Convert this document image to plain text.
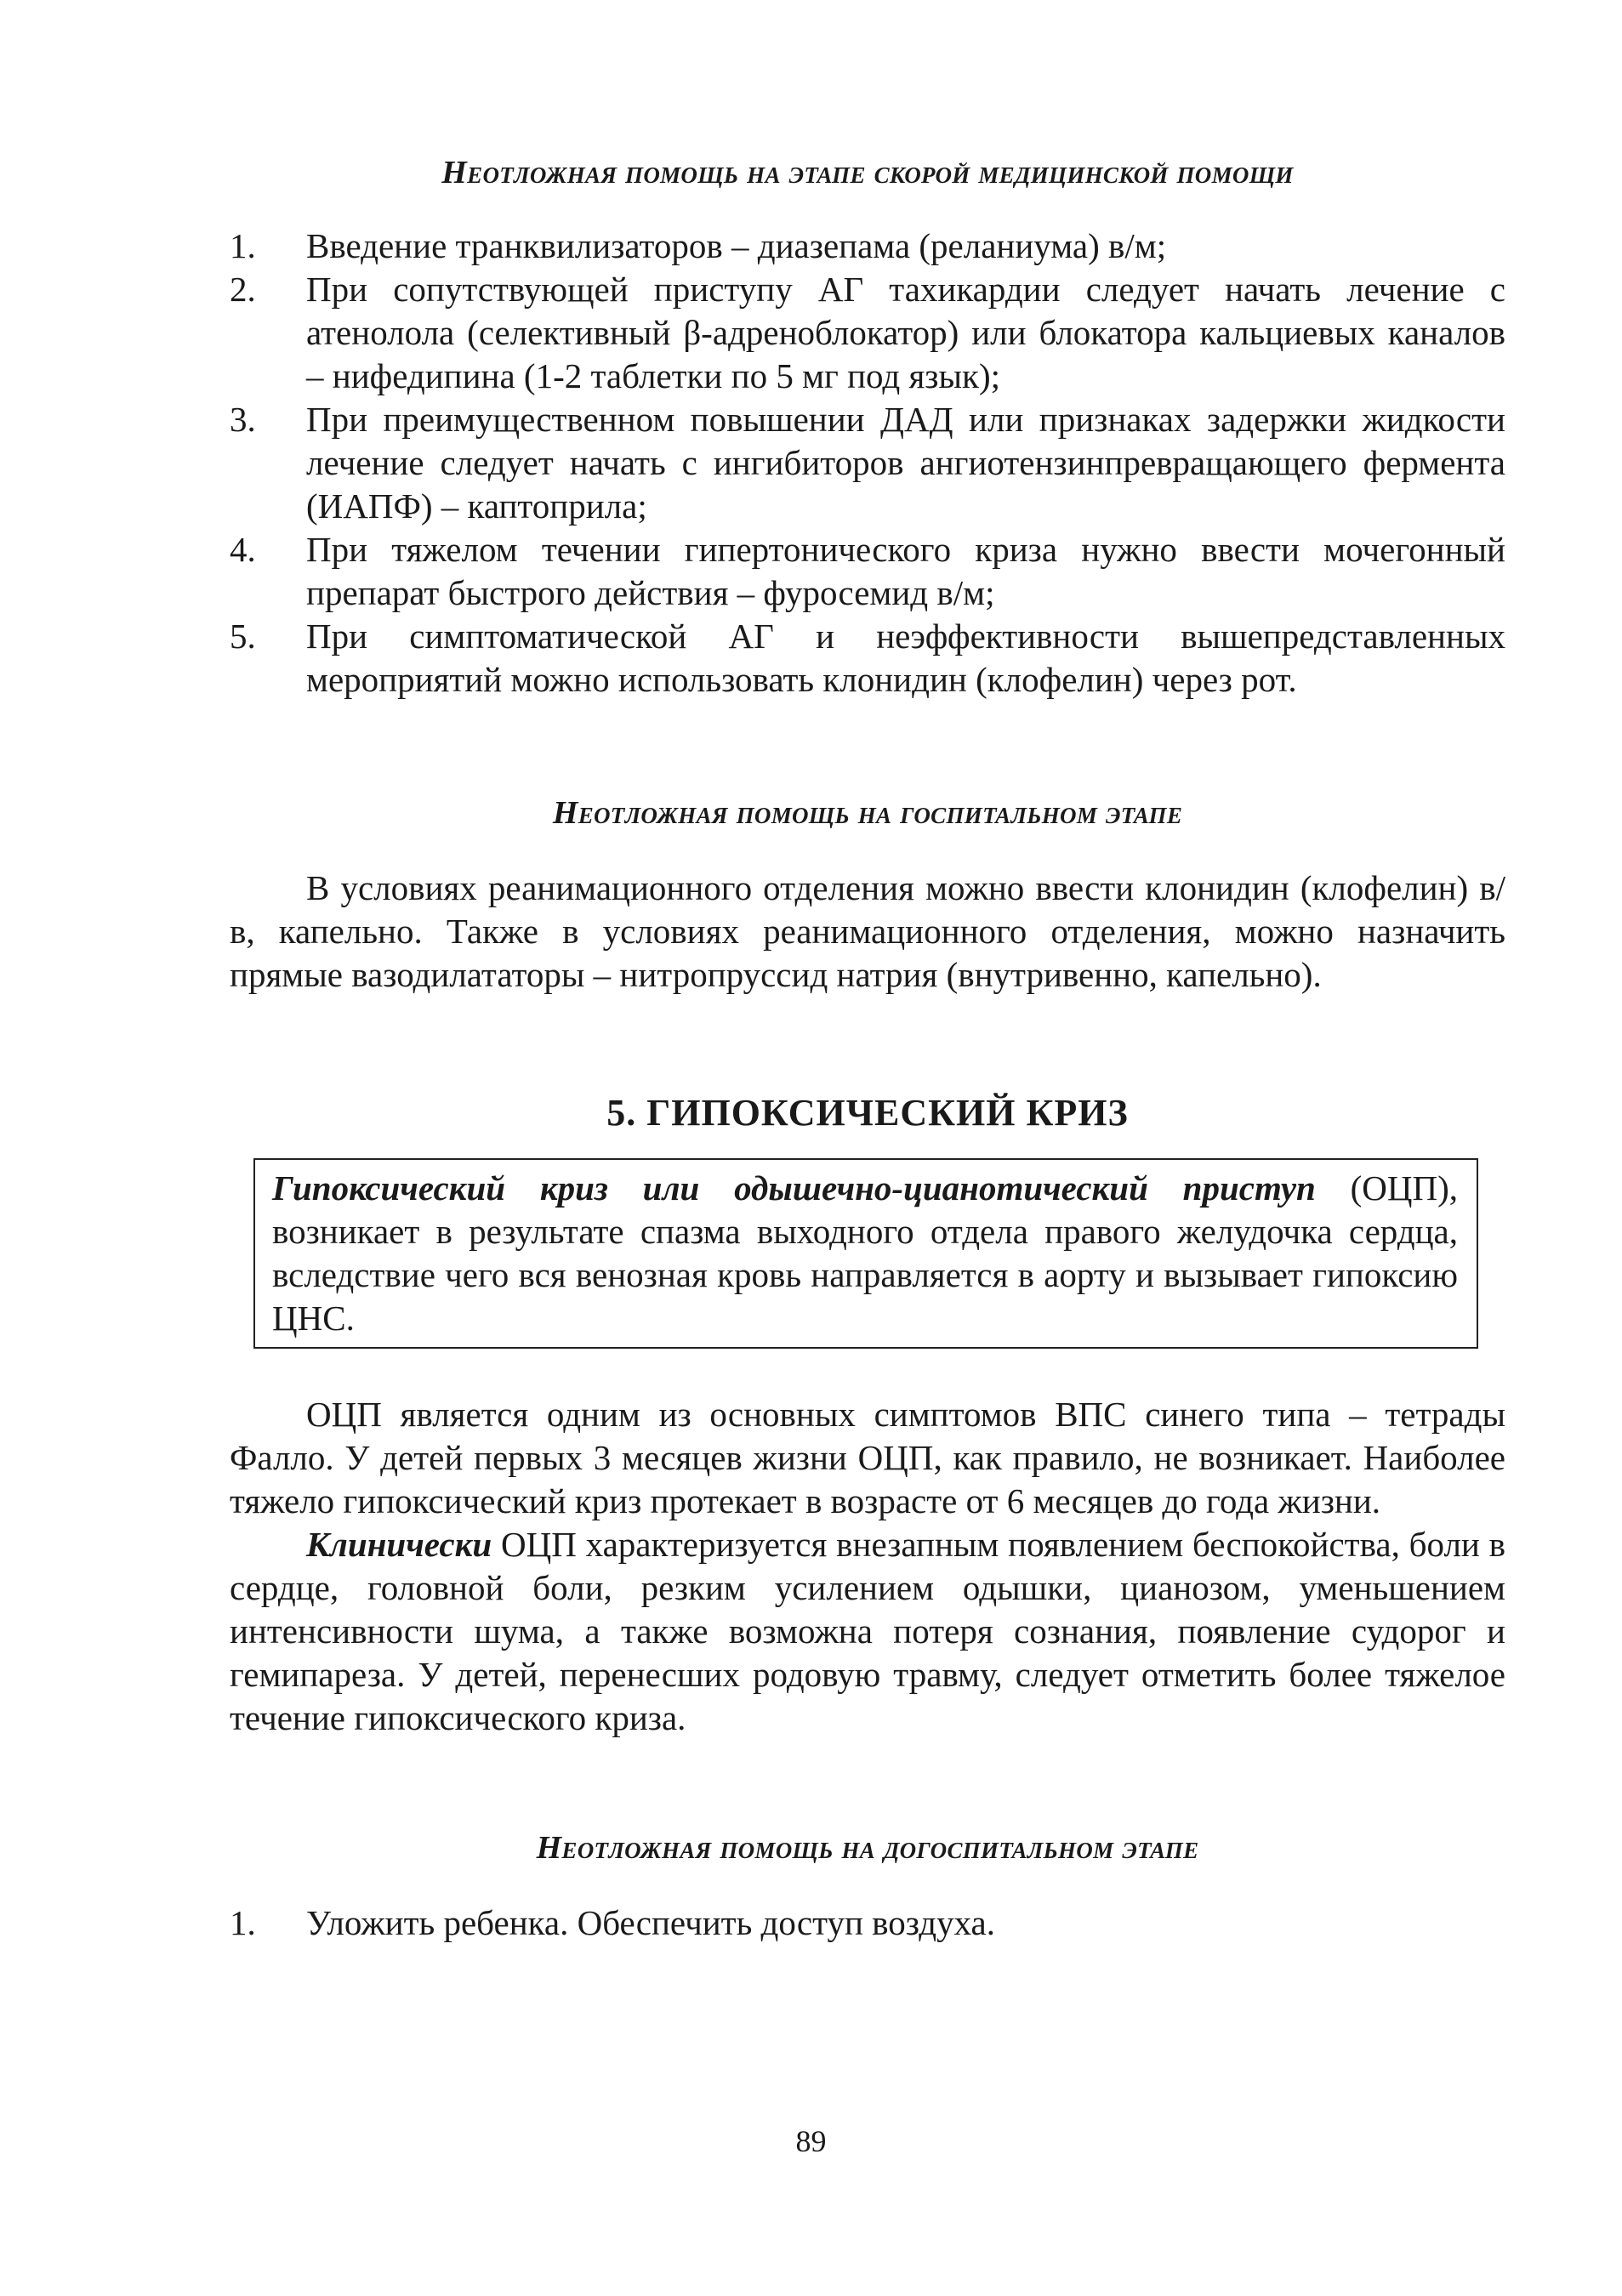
Неотложная помощь на этапе скорой медицинской помощи
1. Введение транквилизаторов – диазепама (реланиума) в/м;
2. При сопутствующей приступу АГ тахикардии следует начать лечение с атенолола (селективный β-адреноблокатор) или блокатора кальциевых каналов – нифедипина (1-2 таблетки по 5 мг под язык);
3. При преимущественном повышении ДАД или признаках задержки жидкости лечение следует начать с ингибиторов ангиотензинпревращающего фермента (ИАПФ) – каптоприла;
4. При тяжелом течении гипертонического криза нужно ввести мочегонный препарат быстрого действия – фуросемид в/м;
5. При симптоматической АГ и неэффективности вышепредставленных мероприятий можно использовать клонидин (клофелин) через рот.
Неотложная помощь на госпитальном этапе

В условиях реанимационного отделения можно ввести клонидин (клофелин) в/в, капельно. Также в условиях реанимационного отделения, можно назначить прямые вазодилататоры – нитропруссид натрия (внутривенно, капельно).

5. ГИПОКСИЧЕСКИЙ КРИЗ
Гипоксический криз или одышечно-цианотический приступ (ОЦП), возникает в результате спазма выходного отдела правого желудочка сердца, вследствие чего вся венозная кровь направляется в аорту и вызывает гипоксию ЦНС.

ОЦП является одним из основных симптомов ВПС синего типа – тетрады Фалло. У детей первых 3 месяцев жизни ОЦП, как правило, не возникает. Наиболее тяжело гипоксический криз протекает в возрасте от 6 месяцев до года жизни.

Клинически ОЦП характеризуется внезапным появлением беспокойства, боли в сердце, головной боли, резким усилением одышки, цианозом, уменьшением интенсивности шума, а также возможна потеря сознания, появление судорог и гемипареза. У детей, перенесших родовую травму, следует отметить более тяжелое течение гипоксического криза.

Неотложная помощь на догоспитальном этапе
1. Уложить ребенка. Обеспечить доступ воздуха.
89
